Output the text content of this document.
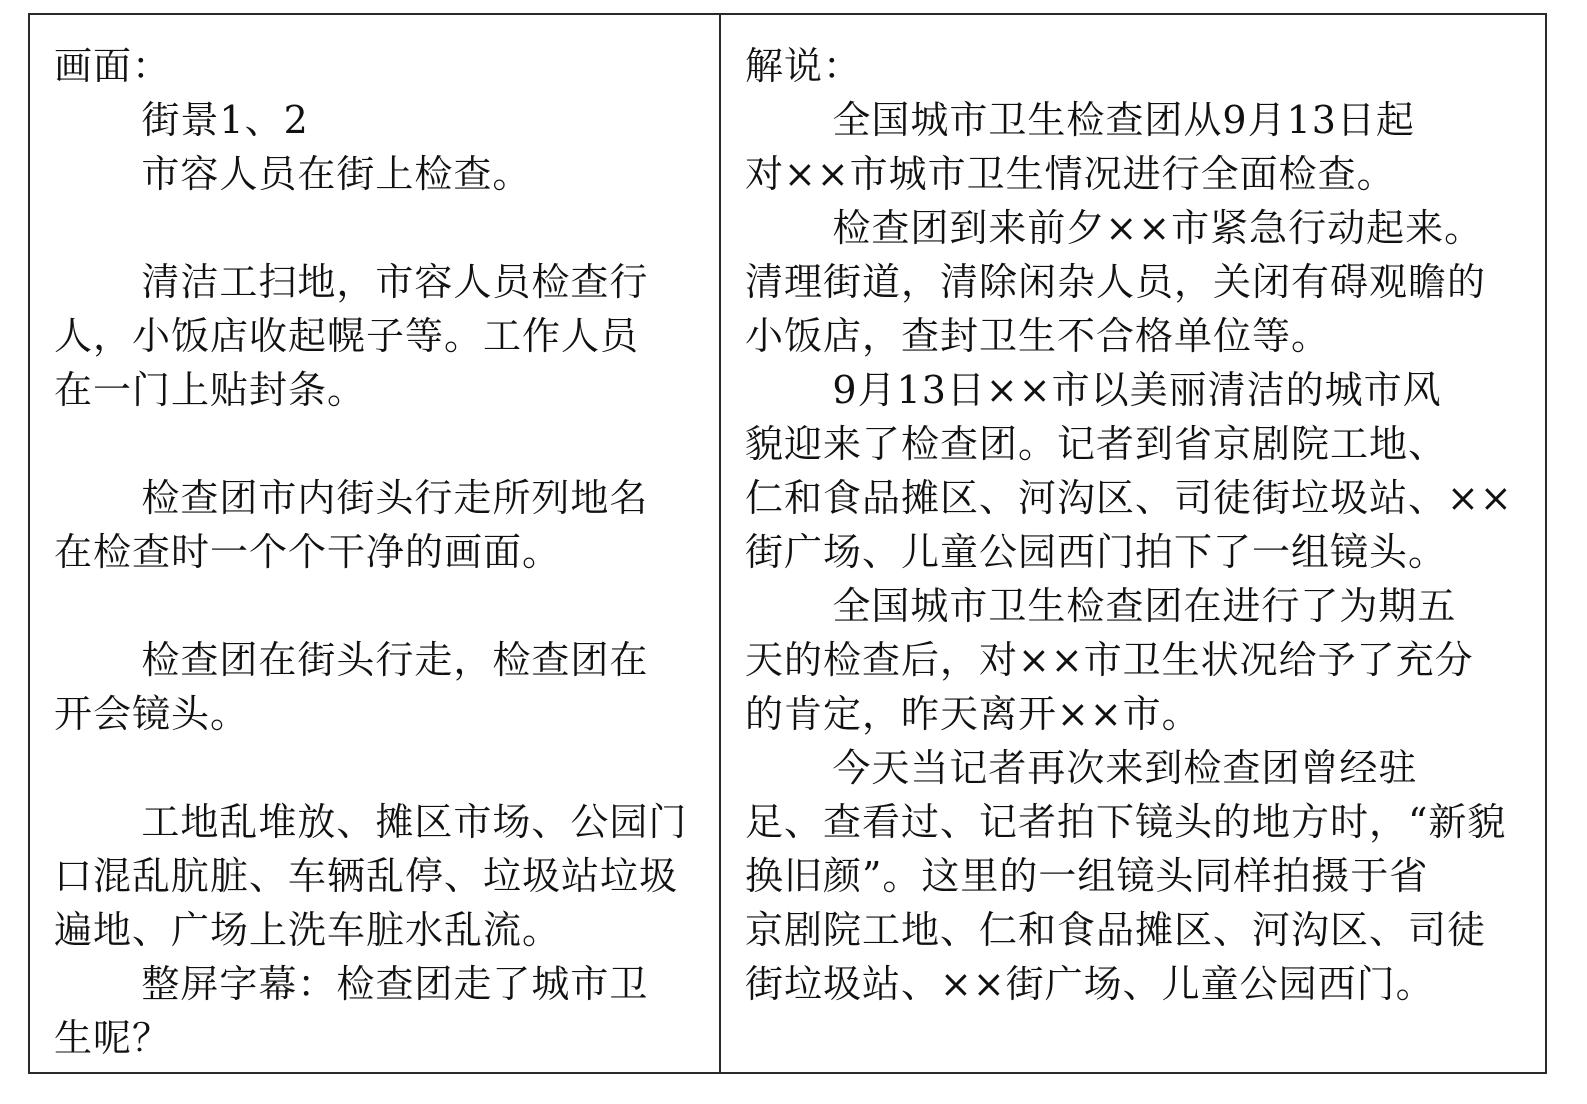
画面：

街景1、2

市容人员在街上检查。

清洁工扫地，市容人员检查行
人，小饭店收起幌子等。工作人员
在一门上贴封条。

检查团市内街头行走所列地名
在检查时一个个干净的画面。

检查团在街头行走，检查团在
开会镜头。

工地乱堆放、摊区市场、公园门
口混乱肮脏、车辆乱停、垃圾站垃圾
遍地、广场上洗车脏水乱流。

整屏字幕：检查团走了城市卫
生呢？

解说：

全国城市卫生检查团从9月13日起
对××市城市卫生情况进行全面检查。

检查团到来前夕××市紧急行动起来。
清理街道，清除闲杂人员，关闭有碍观瞻的
小饭店，查封卫生不合格单位等。

9月13日××市以美丽清洁的城市风
貌迎来了检查团。记者到省京剧院工地、
仁和食品摊区、河沟区、司徒街垃圾站、××
街广场、儿童公园西门拍下了一组镜头。

全国城市卫生检查团在进行了为期五
天的检查后，对××市卫生状况给予了充分
的肯定，昨天离开××市。

今天当记者再次来到检查团曾经驻
足、查看过、记者拍下镜头的地方时，“新貌
换旧颜”。这里的一组镜头同样拍摄于省
京剧院工地、仁和食品摊区、河沟区、司徒
街垃圾站、××街广场、儿童公园西门。
